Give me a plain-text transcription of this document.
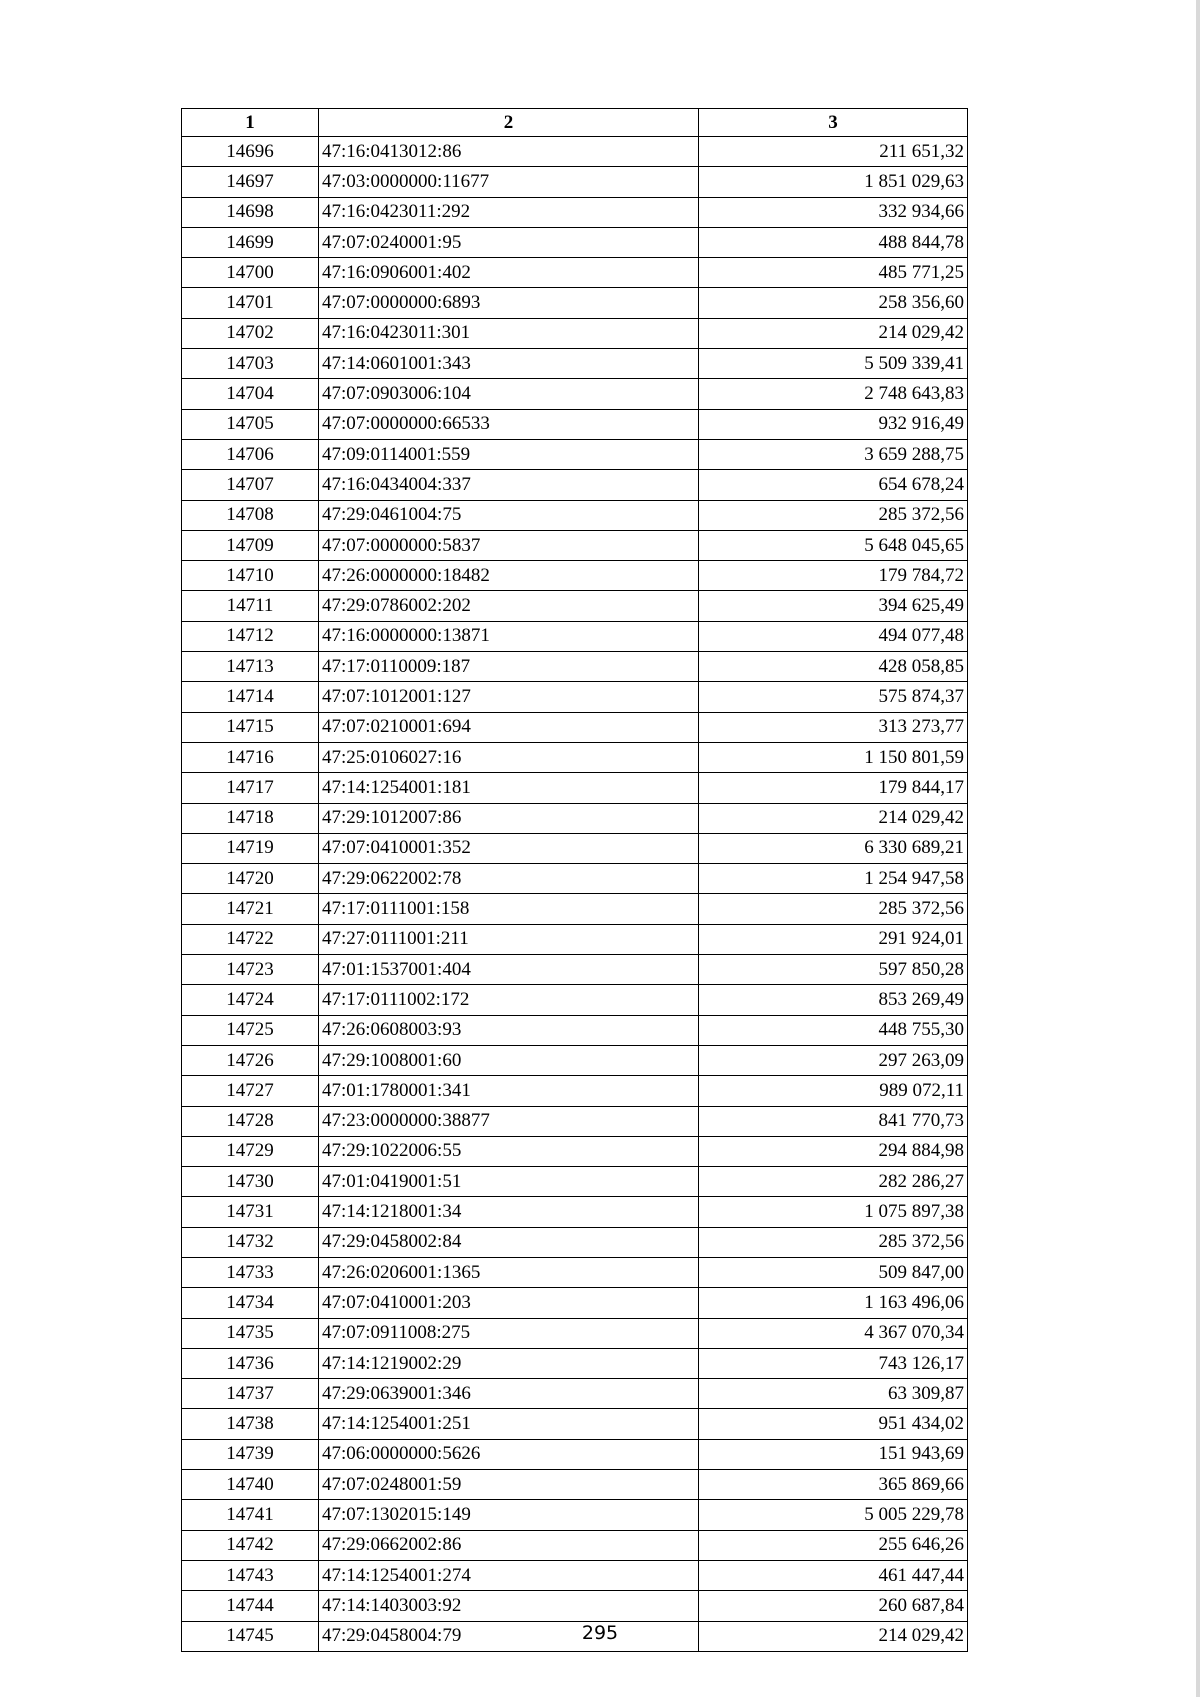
1	2	3
14696	47:16:0413012:86	211 651,32
14697	47:03:0000000:11677	1 851 029,63
14698	47:16:0423011:292	332 934,66
14699	47:07:0240001:95	488 844,78
14700	47:16:0906001:402	485 771,25
14701	47:07:0000000:6893	258 356,60
14702	47:16:0423011:301	214 029,42
14703	47:14:0601001:343	5 509 339,41
14704	47:07:0903006:104	2 748 643,83
14705	47:07:0000000:66533	932 916,49
14706	47:09:0114001:559	3 659 288,75
14707	47:16:0434004:337	654 678,24
14708	47:29:0461004:75	285 372,56
14709	47:07:0000000:5837	5 648 045,65
14710	47:26:0000000:18482	179 784,72
14711	47:29:0786002:202	394 625,49
14712	47:16:0000000:13871	494 077,48
14713	47:17:0110009:187	428 058,85
14714	47:07:1012001:127	575 874,37
14715	47:07:0210001:694	313 273,77
14716	47:25:0106027:16	1 150 801,59
14717	47:14:1254001:181	179 844,17
14718	47:29:1012007:86	214 029,42
14719	47:07:0410001:352	6 330 689,21
14720	47:29:0622002:78	1 254 947,58
14721	47:17:0111001:158	285 372,56
14722	47:27:0111001:211	291 924,01
14723	47:01:1537001:404	597 850,28
14724	47:17:0111002:172	853 269,49
14725	47:26:0608003:93	448 755,30
14726	47:29:1008001:60	297 263,09
14727	47:01:1780001:341	989 072,11
14728	47:23:0000000:38877	841 770,73
14729	47:29:1022006:55	294 884,98
14730	47:01:0419001:51	282 286,27
14731	47:14:1218001:34	1 075 897,38
14732	47:29:0458002:84	285 372,56
14733	47:26:0206001:1365	509 847,00
14734	47:07:0410001:203	1 163 496,06
14735	47:07:0911008:275	4 367 070,34
14736	47:14:1219002:29	743 126,17
14737	47:29:0639001:346	63 309,87
14738	47:14:1254001:251	951 434,02
14739	47:06:0000000:5626	151 943,69
14740	47:07:0248001:59	365 869,66
14741	47:07:1302015:149	5 005 229,78
14742	47:29:0662002:86	255 646,26
14743	47:14:1254001:274	461 447,44
14744	47:14:1403003:92	260 687,84
14745	47:29:0458004:79	214 029,42
295
